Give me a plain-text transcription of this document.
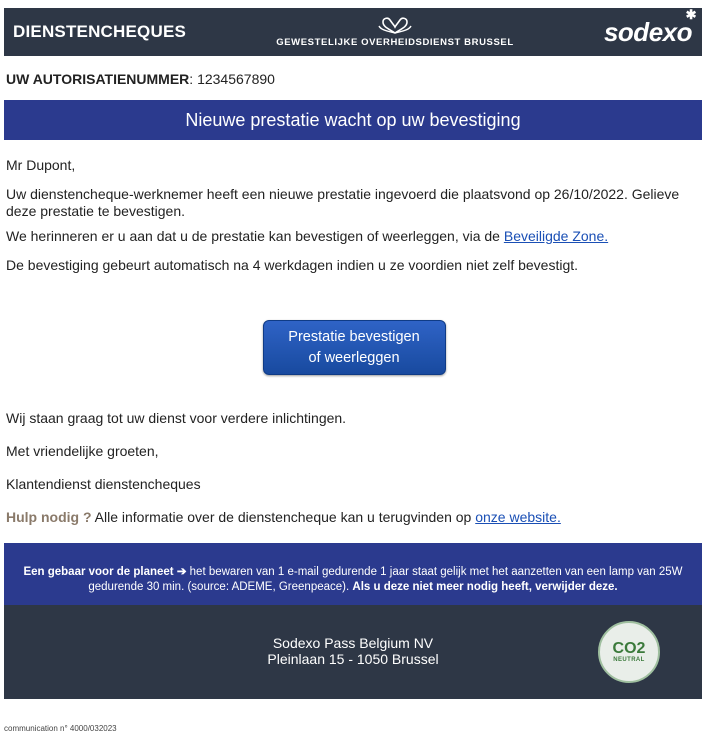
DIENSTENCHEQUES
GEWESTELIJKE OVERHEIDSDIENST BRUSSEL	sodexo
✱
UW AUTORISATIENUMMER: 1234567890
Nieuwe prestatie wacht op uw bevestiging

Mr Dupont,

Uw dienstencheque-werknemer heeft een nieuwe prestatie ingevoerd die plaatsvond op 26/10/2022. Gelieve deze prestatie te bevestigen.

We herinneren er u aan dat u de prestatie kan bevestigen of weerleggen, via de Beveiligde Zone.

De bevestiging gebeurt automatisch na 4 werkdagen indien u ze voordien niet zelf bevestigt.

Prestatie bevestigen
of weerleggen

Wij staan graag tot uw dienst voor verdere inlichtingen.

Met vriendelijke groeten,

Klantendienst dienstencheques

Hulp nodig ? Alle informatie over de dienstencheque kan u terugvinden op onze website.

Een gebaar voor de planeet ➔ het bewaren van 1 e-mail gedurende 1 jaar staat gelijk met het aanzetten van een lamp van 25W gedurende 30 min. (source: ADEME, Greenpeace). Als u deze niet meer nodig heeft, verwijder deze.
Sodexo Pass Belgium NV
Pleinlaan 15 - 1050 Brussel
CO2
NEUTRAL
communication n° 4000/032023
